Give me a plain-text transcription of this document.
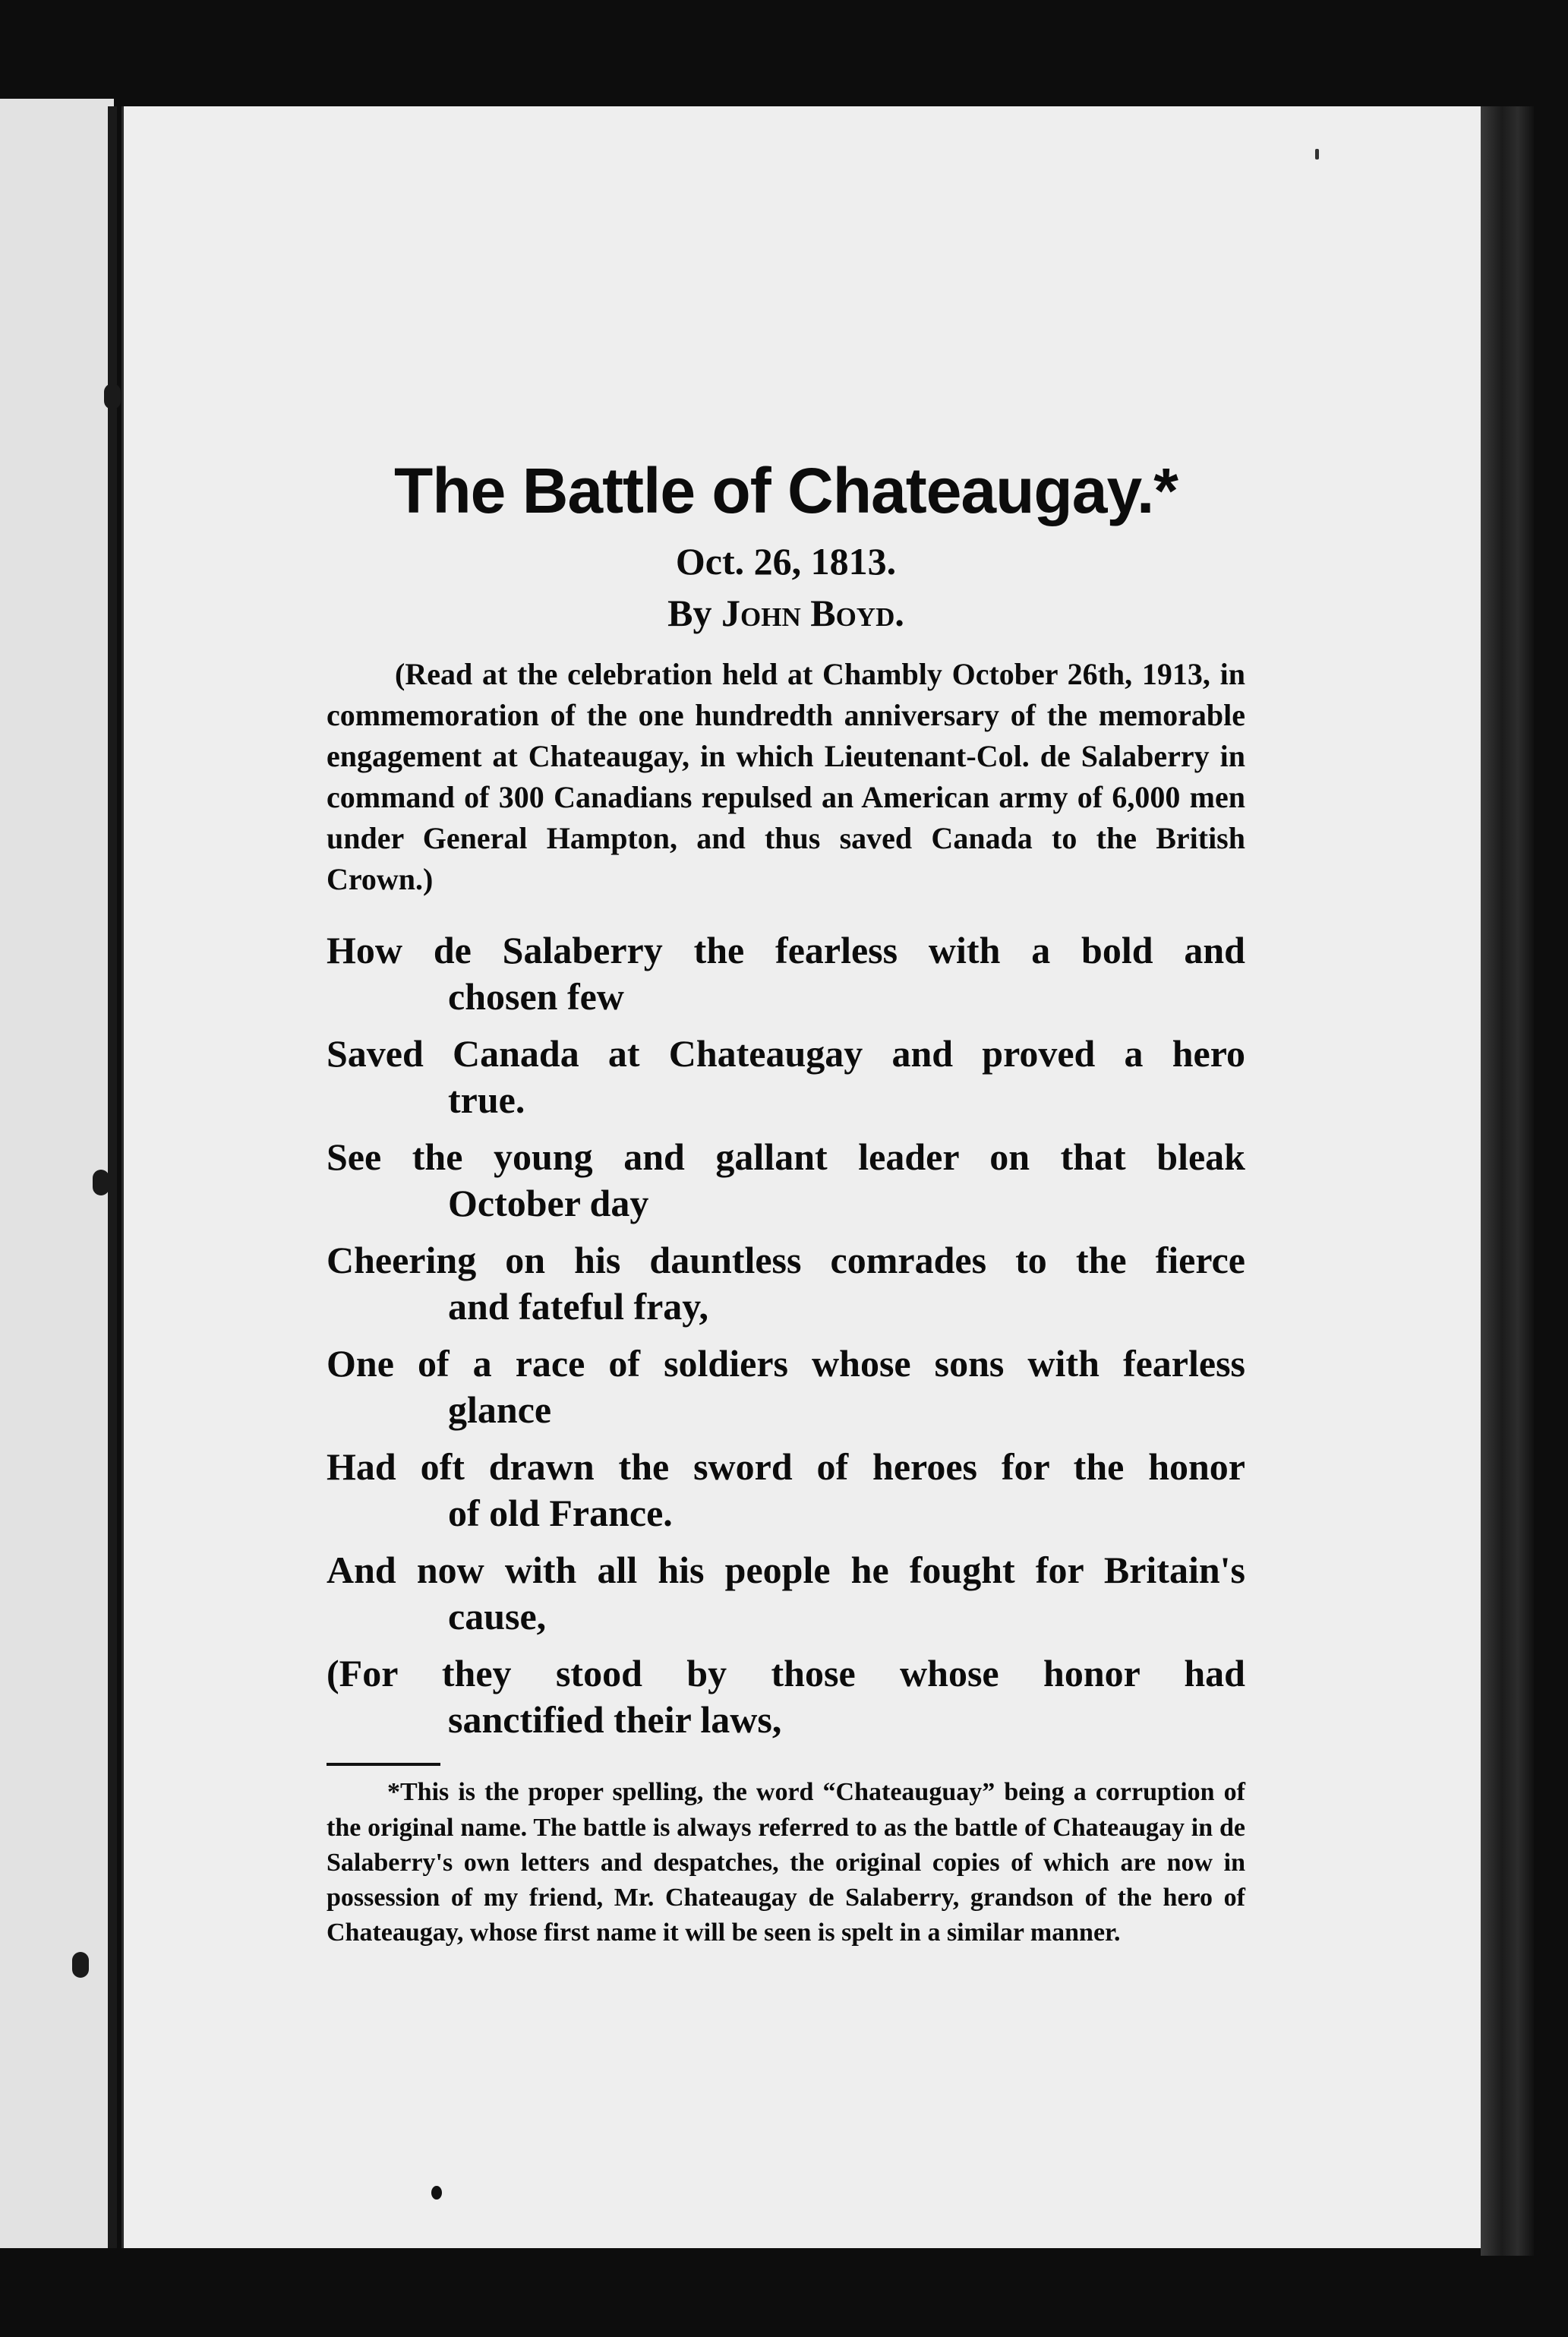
The Battle of Chateaugay.*

Oct. 26, 1813.

By John Boyd.

(Read at the celebration held at Chambly October 26th, 1913, in commemoration of the one hundredth anniversary of the memorable engagement at Chateaugay, in which Lieutenant-Col. de Salaberry in command of 300 Canadians repulsed an American army of 6,000 men under General Hampton, and thus saved Canada to the British Crown.)

How de Salaberry the fearless with a bold and
chosen few
Saved Canada at Chateaugay and proved a hero
true.
See the young and gallant leader on that bleak
October day
Cheering on his dauntless comrades to the fierce
and fateful fray,
One of a race of soldiers whose sons with fearless
glance
Had oft drawn the sword of heroes for the honor
of old France.
And now with all his people he fought for Britain's
cause,
(For they stood by those whose honor had
sanctified their laws,

*This is the proper spelling, the word “Chateauguay” being a corruption of the original name. The battle is always referred to as the battle of Chateaugay in de Salaberry's own letters and despatches, the original copies of which are now in possession of my friend, Mr. Chateaugay de Salaberry, grandson of the hero of Chateaugay, whose first name it will be seen is spelt in a similar manner.
